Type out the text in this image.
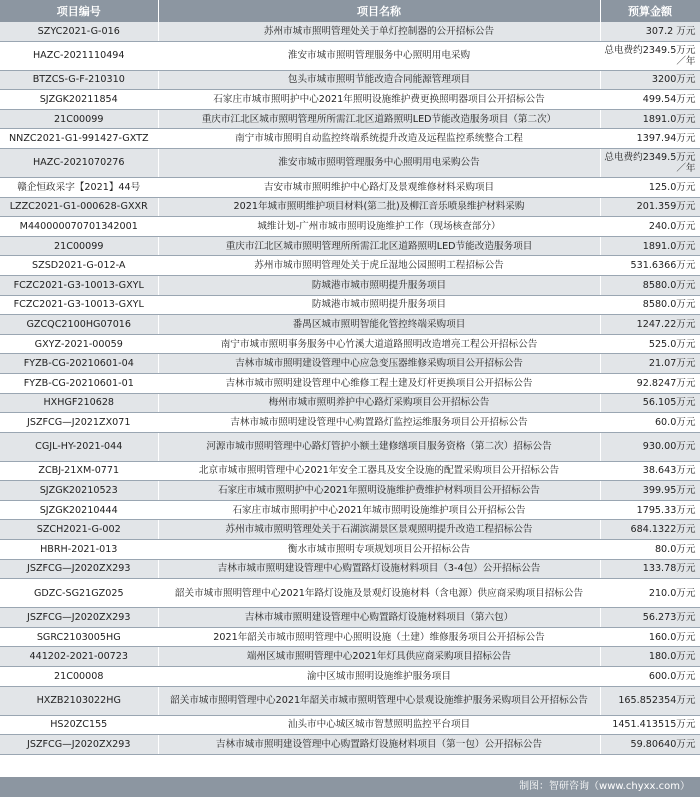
项目编号	项目名称	预算金额
SZYC2021-G-016	苏州市城市照明管理处关于单灯控制器的公开招标公告	307.2 万元
HAZC-2021110494	淮安市城市照明管理服务中心照明用电采购	总电费约2349.5万元／年
BTZCS-G-F-210310	包头市城市照明节能改造合同能源管理项目	3200万元
SJZGK20211854	石家庄市城市照明护中心2021年照明设施维护费更换照明器项目公开招标公告	499.54万元
21C00099	重庆市江北区城市照明管理所所需江北区道路照明LED节能改造服务项目（第二次）	1891.0万元
NNZC2021-G1-991427-GXTZ	南宁市城市照明自动监控终端系统提升改造及远程监控系统整合工程	1397.94万元
HAZC-2021070276	淮安市城市照明管理服务中心照明用电采购公告	总电费约2349.5万元／年
赣企恒政采字【2021】44号	吉安市城市照明维护中心路灯及景观维修材料采购项目	125.0万元
LZZC2021-G1-000628-GXXR	2021年城市照明维护项目材料(第二批)及柳江音乐喷泉维护材料采购	201.359万元
M440000070701342001	城维计划-广州市城市照明设施维护工作（现场核查部分）	240.0万元
21C00099	重庆市江北区城市照明管理所所需江北区道路照明LED节能改造服务项目	1891.0万元
SZSD2021-G-012-A	苏州市城市照明管理处关于虎丘湿地公园照明工程招标公告	531.6366万元
FCZC2021-G3-10013-GXYL	防城港市城市照明提升服务项目	8580.0万元
FCZC2021-G3-10013-GXYL	防城港市城市照明提升服务项目	8580.0万元
GZCQC2100HG07016	番禺区城市照明智能化管控终端采购项目	1247.22万元
GXYZ-2021-00059	南宁市城市照明事务服务中心竹溪大道道路照明改造增亮工程公开招标公告	525.0万元
FYZB-CG-20210601-04	吉林市城市照明建设管理中心应急变压器维修采购项目公开招标公告	21.07万元
FYZB-CG-20210601-01	吉林市城市照明建设管理中心维修工程土建及灯杆更换项目公开招标公告	92.8247万元
HXHGF210628	梅州市城市照明养护中心路灯采购项目公开招标公告	56.105万元
JSZFCG—J2021ZX071	吉林市城市照明建设管理中心购置路灯监控运维服务项目公开招标公告	60.0万元
CGJL-HY-2021-044	河源市城市照明管理中心路灯管护小额土建修缮项目服务资格（第二次）招标公告	930.00万元
ZCBJ-21XM-0771	北京市城市照明管理中心2021年安全工器具及安全设施的配置采购项目公开招标公告	38.643万元
SJZGK20210523	石家庄市城市照明护中心2021年照明设施维护费维护材料项目公开招标公告	399.95万元
SJZGK20210444	石家庄市城市照明护中心2021年城市照明设施维护项目公开招标公告	1795.33万元
SZCH2021-G-002	苏州市城市照明管理处关于石湖滨湖景区景观照明提升改造工程招标公告	684.1322万元
HBRH-2021-013	衡水市城市照明专项规划项目公开招标公告	80.0万元
JSZFCG—J2020ZX293	吉林市城市照明建设管理中心购置路灯设施材料项目（3-4包）公开招标公告	133.78万元
GDZC-SG21GZ025	韶关市城市照明管理中心2021年路灯设施及景观灯设施材料（含电源）供应商采购项目招标公告	210.0万元
JSZFCG—J2020ZX293	吉林市城市照明建设管理中心购置路灯设施材料项目（第六包）	56.273万元
SGRC2103005HG	2021年韶关市城市照明管理中心照明设施（土建）维修服务项目公开招标公告	160.0万元
441202-2021-00723	端州区城市照明管理中心2021年灯具供应商采购项目招标公告	180.0万元
21C00008	渝中区城市照明设施维护服务项目	600.0万元
HXZB2103022HG	韶关市城市照明管理中心2021年韶关市城市照明管理中心景观设施维护服务采购项目公开招标公告	165.852354万元
HS20ZC155	汕头市中心城区城市智慧照明监控平台项目	1451.413515万元
JSZFCG—J2020ZX293	吉林市城市照明建设管理中心购置路灯设施材料项目（第一包）公开招标公告	59.80640万元
制图：智研咨询（www.chyxx.com）
